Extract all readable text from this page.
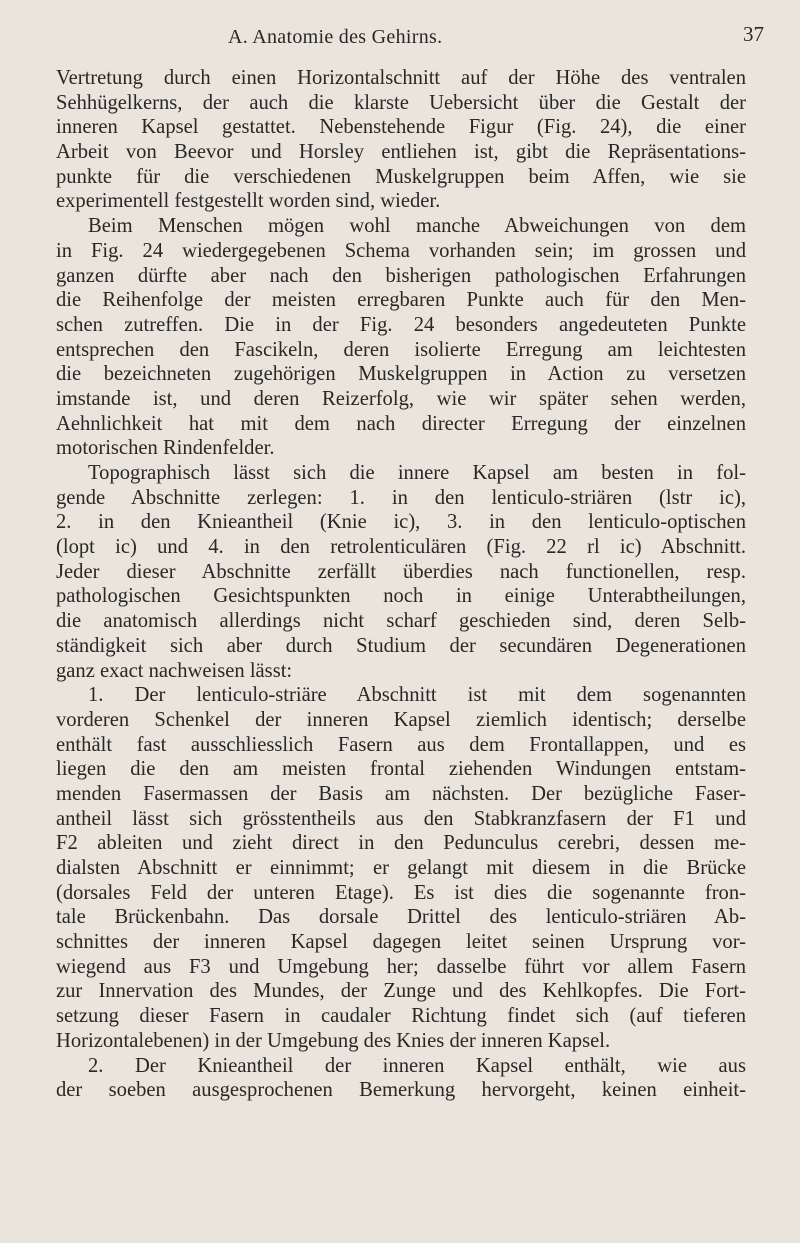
A. Anatomie des Gehirns.	37
Vertretung durch einen Horizontalschnitt auf der Höhe des ventralen
Sehhügelkerns, der auch die klarste Uebersicht über die Gestalt der
inneren Kapsel gestattet. Nebenstehende Figur (Fig. 24), die einer
Arbeit von Beevor und Horsley entliehen ist, gibt die Repräsentations-
punkte für die verschiedenen Muskelgruppen beim Affen, wie sie
experimentell festgestellt worden sind, wieder.
Beim Menschen mögen wohl manche Abweichungen von dem
in Fig. 24 wiedergegebenen Schema vorhanden sein; im grossen und
ganzen dürfte aber nach den bisherigen pathologischen Erfahrungen
die Reihenfolge der meisten erregbaren Punkte auch für den Men-
schen zutreffen. Die in der Fig. 24 besonders angedeuteten Punkte
entsprechen den Fascikeln, deren isolierte Erregung am leichtesten
die bezeichneten zugehörigen Muskelgruppen in Action zu versetzen
imstande ist, und deren Reizerfolg, wie wir später sehen werden,
Aehnlichkeit hat mit dem nach directer Erregung der einzelnen
motorischen Rindenfelder.
Topographisch lässt sich die innere Kapsel am besten in fol-
gende Abschnitte zerlegen: 1. in den lenticulo-striären (lstr ic),
2. in den Knieantheil (Knie ic), 3. in den lenticulo-optischen
(lopt ic) und 4. in den retrolenticulären (Fig. 22 rl ic) Abschnitt.
Jeder dieser Abschnitte zerfällt überdies nach functionellen, resp.
pathologischen Gesichtspunkten noch in einige Unterabtheilungen,
die anatomisch allerdings nicht scharf geschieden sind, deren Selb-
ständigkeit sich aber durch Studium der secundären Degenerationen
ganz exact nachweisen lässt:
1. Der lenticulo-striäre Abschnitt ist mit dem sogenannten
vorderen Schenkel der inneren Kapsel ziemlich identisch; derselbe
enthält fast ausschliesslich Fasern aus dem Frontallappen, und es
liegen die den am meisten frontal ziehenden Windungen entstam-
menden Fasermassen der Basis am nächsten. Der bezügliche Faser-
antheil lässt sich grösstentheils aus den Stabkranzfasern der F1 und
F2 ableiten und zieht direct in den Pedunculus cerebri, dessen me-
dialsten Abschnitt er einnimmt; er gelangt mit diesem in die Brücke
(dorsales Feld der unteren Etage). Es ist dies die sogenannte fron-
tale Brückenbahn. Das dorsale Drittel des lenticulo-striären Ab-
schnittes der inneren Kapsel dagegen leitet seinen Ursprung vor-
wiegend aus F3 und Umgebung her; dasselbe führt vor allem Fasern
zur Innervation des Mundes, der Zunge und des Kehlkopfes. Die Fort-
setzung dieser Fasern in caudaler Richtung findet sich (auf tieferen
Horizontalebenen) in der Umgebung des Knies der inneren Kapsel.
2. Der Knieantheil der inneren Kapsel enthält, wie aus
der soeben ausgesprochenen Bemerkung hervorgeht, keinen einheit-
